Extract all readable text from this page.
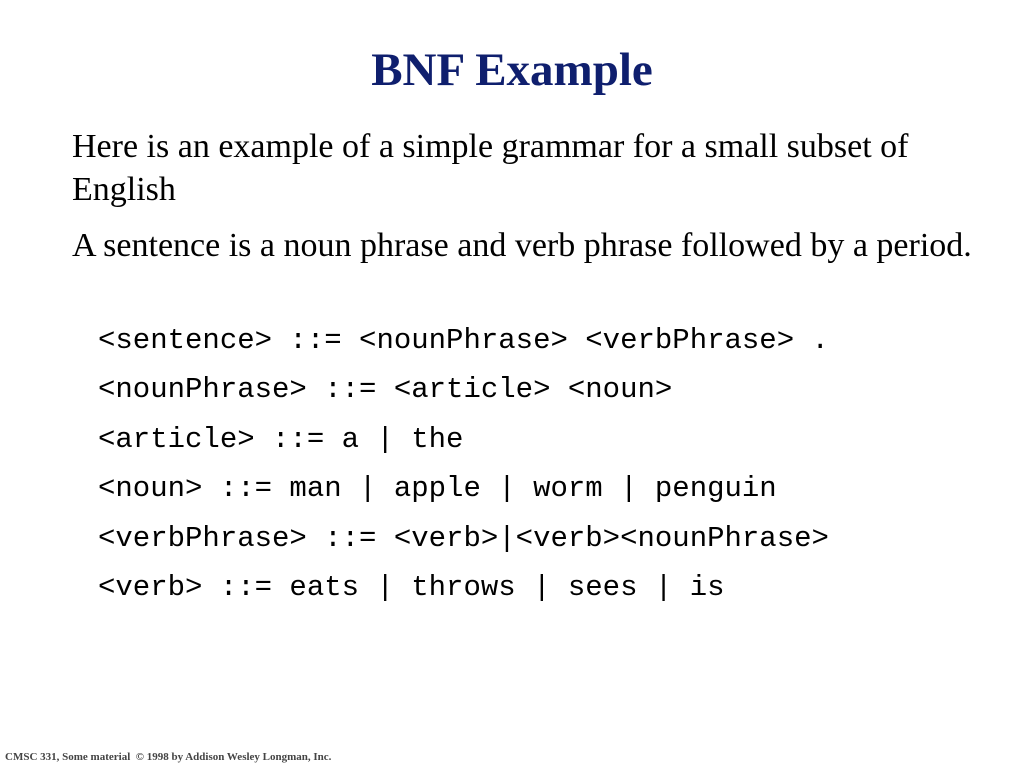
BNF Example

Here is an example of a simple grammar for a small subset of English

A sentence is a noun phrase and verb phrase followed by a period.

<sentence> ::= <nounPhrase> <verbPhrase> .
<nounPhrase> ::= <article> <noun>
<article> ::= a | the
<noun> ::= man | apple | worm | penguin
<verbPhrase> ::= <verb>|<verb><nounPhrase>
<verb> ::= eats | throws | sees | is
CMSC 331, Some material  © 1998 by Addison Wesley Longman, Inc.
